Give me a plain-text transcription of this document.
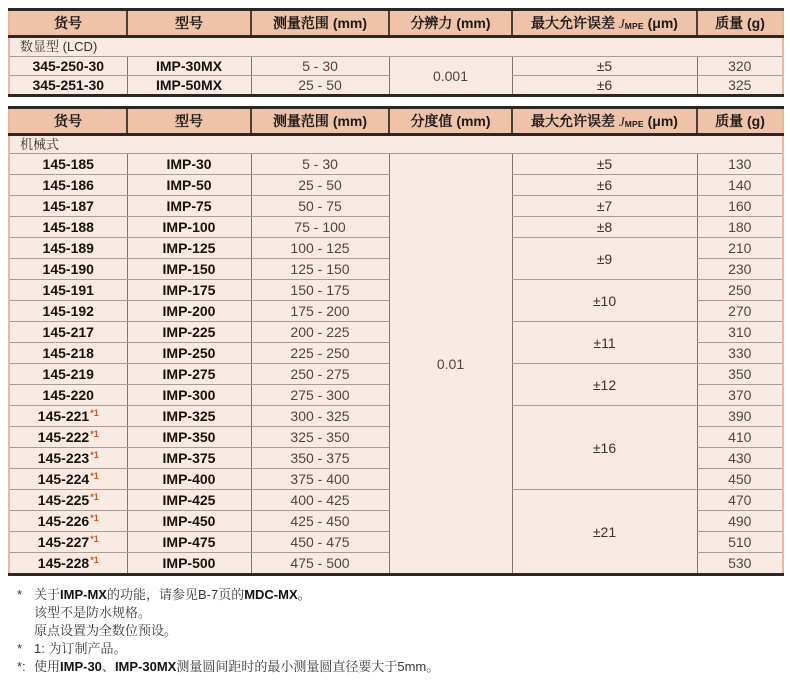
货号	型号	测量范围 (mm)	分辨力 (mm)	最大允许误差 JMPE (μm)	质量 (g)
数显型 (LCD)					
345-250-30	IMP-30MX	5 - 30	0.001	±5	320
345-251-30	IMP-50MX	25 - 50		±6	325
货号	型号	测量范围 (mm)	分度值 (mm)	最大允许误差 JMPE (μm)	质量 (g)
机械式					
145-185	IMP-30	5 - 30	0.01	±5	130
145-186	IMP-50	25 - 50		±6	140
145-187	IMP-75	50 - 75		±7	160
145-188	IMP-100	75 - 100		±8	180
145-189	IMP-125	100 - 125		±9	210
145-190	IMP-150	125 - 150			230
145-191	IMP-175	150 - 175		±10	250
145-192	IMP-200	175 - 200			270
145-217	IMP-225	200 - 225		±11	310
145-218	IMP-250	225 - 250			330
145-219	IMP-275	250 - 275		±12	350
145-220	IMP-300	275 - 300			370
145-221$^{*1}$	IMP-325	300 - 325		±16	390
145-222$^{*1}$	IMP-350	325 - 350			410
145-223$^{*1}$	IMP-375	350 - 375			430
145-224$^{*1}$	IMP-400	375 - 400			450
145-225$^{*1}$	IMP-425	400 - 425		±21	470
145-226$^{*1}$	IMP-450	425 - 450			490
145-227$^{*1}$	IMP-475	450 - 475			510
145-228$^{*1}$	IMP-500	475 - 500			530
* 关于IMP-MX的功能，请参见B-7页的MDC-MX。
该型不是防水规格。
原点设置为全数位预设。
* 1: 为订制产品。
*: 使用IMP-30、IMP-30MX测量圆间距时的最小测量圆直径要大于5mm。
